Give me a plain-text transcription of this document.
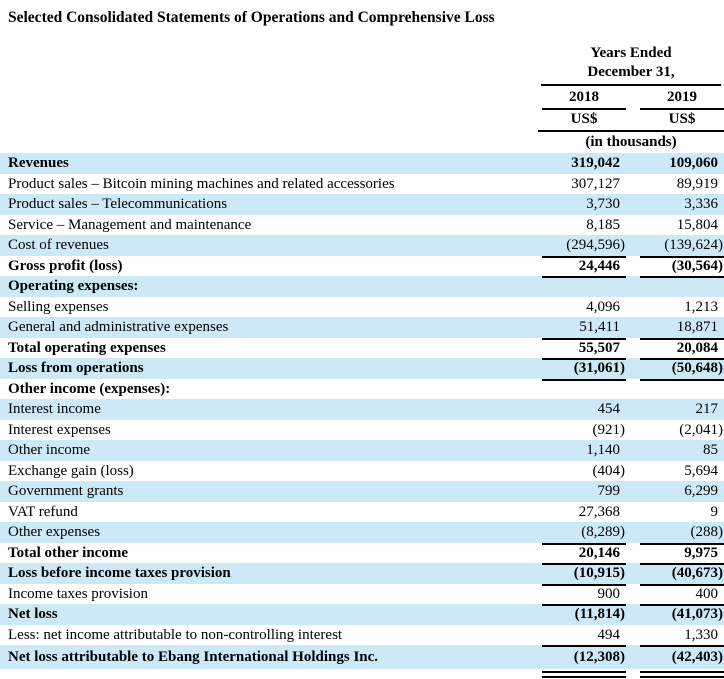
Selected Consolidated Statements of Operations and Comprehensive Loss
Years Ended
December 31,
2018	2019
US$	US$
(in thousands)
Revenues	319,042	109,060
Product sales – Bitcoin mining machines and related accessories	307,127	89,919
Product sales – Telecommunications	3,730	3,336
Service – Management and maintenance	8,185	15,804
Cost of revenues	(294,596)	(139,624)
Gross profit (loss)	24,446	(30,564)
Operating expenses:
Selling expenses	4,096	1,213
General and administrative expenses	51,411	18,871
Total operating expenses	55,507	20,084
Loss from operations	(31,061)	(50,648)
Other income (expenses):
Interest income	454	217
Interest expenses	(921)	(2,041)
Other income	1,140	85
Exchange gain (loss)	(404)	5,694
Government grants	799	6,299
VAT refund	27,368	9
Other expenses	(8,289)	(288)
Total other income	20,146	9,975
Loss before income taxes provision	(10,915)	(40,673)
Income taxes provision	900	400
Net loss	(11,814)	(41,073)
Less: net income attributable to non-controlling interest	494	1,330
Net loss attributable to Ebang International Holdings Inc.	(12,308)	(42,403)
